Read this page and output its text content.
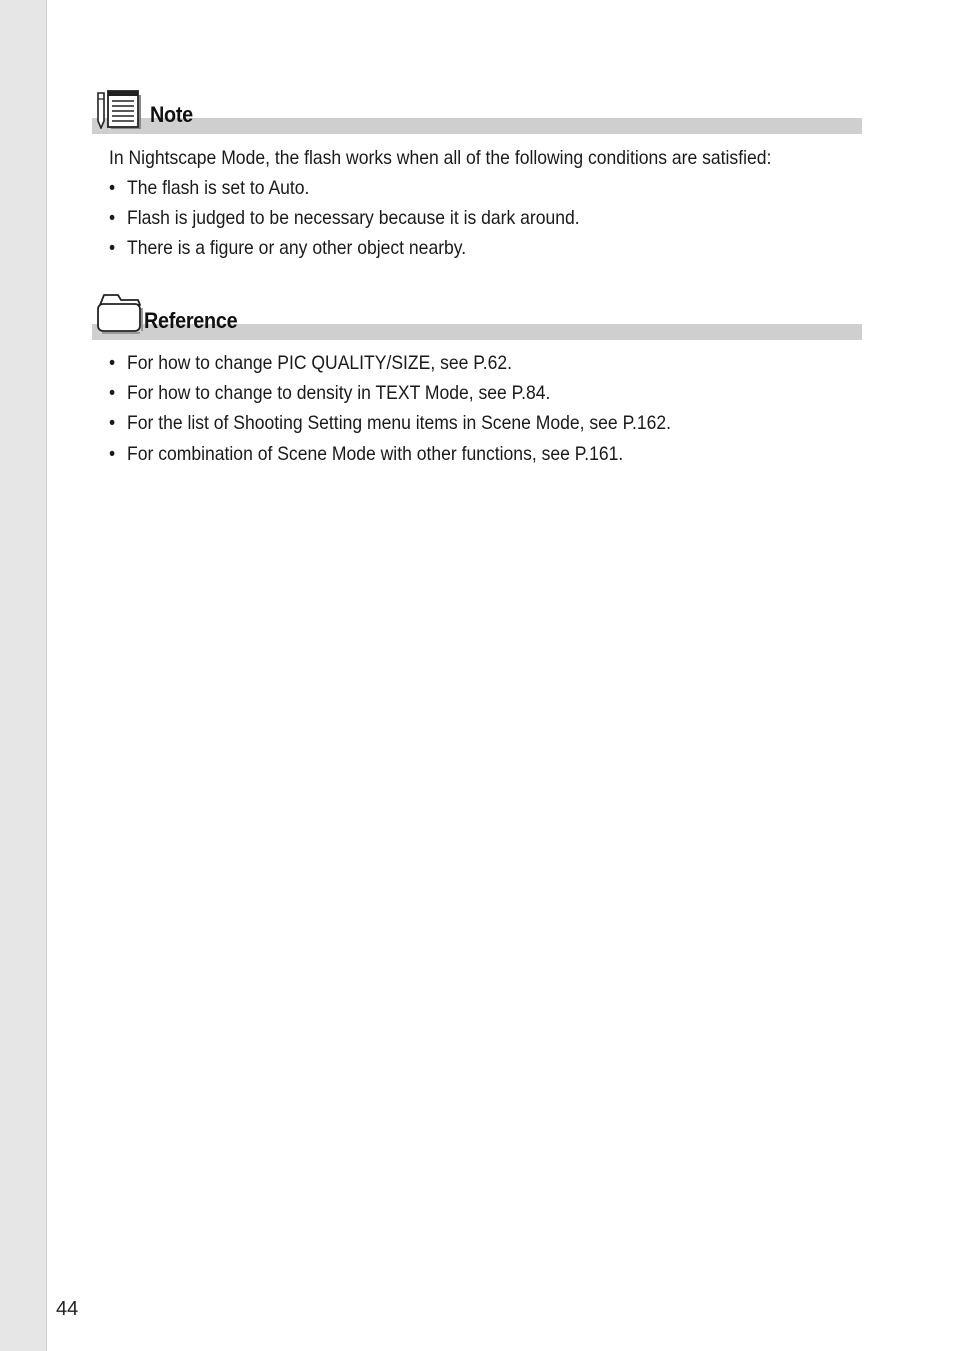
Note
In Nightscape Mode, the flash works when all of the following conditions are satisfied:
• The flash is set to Auto.
• Flash is judged to be necessary because it is dark around.
• There is a figure or any other object nearby.
Reference
• For how to change PIC QUALITY/SIZE, see P.62.
• For how to change to density in TEXT Mode, see P.84.
• For the list of Shooting Setting menu items in Scene Mode, see P.162.
• For combination of Scene Mode with other functions, see P.161.
44
